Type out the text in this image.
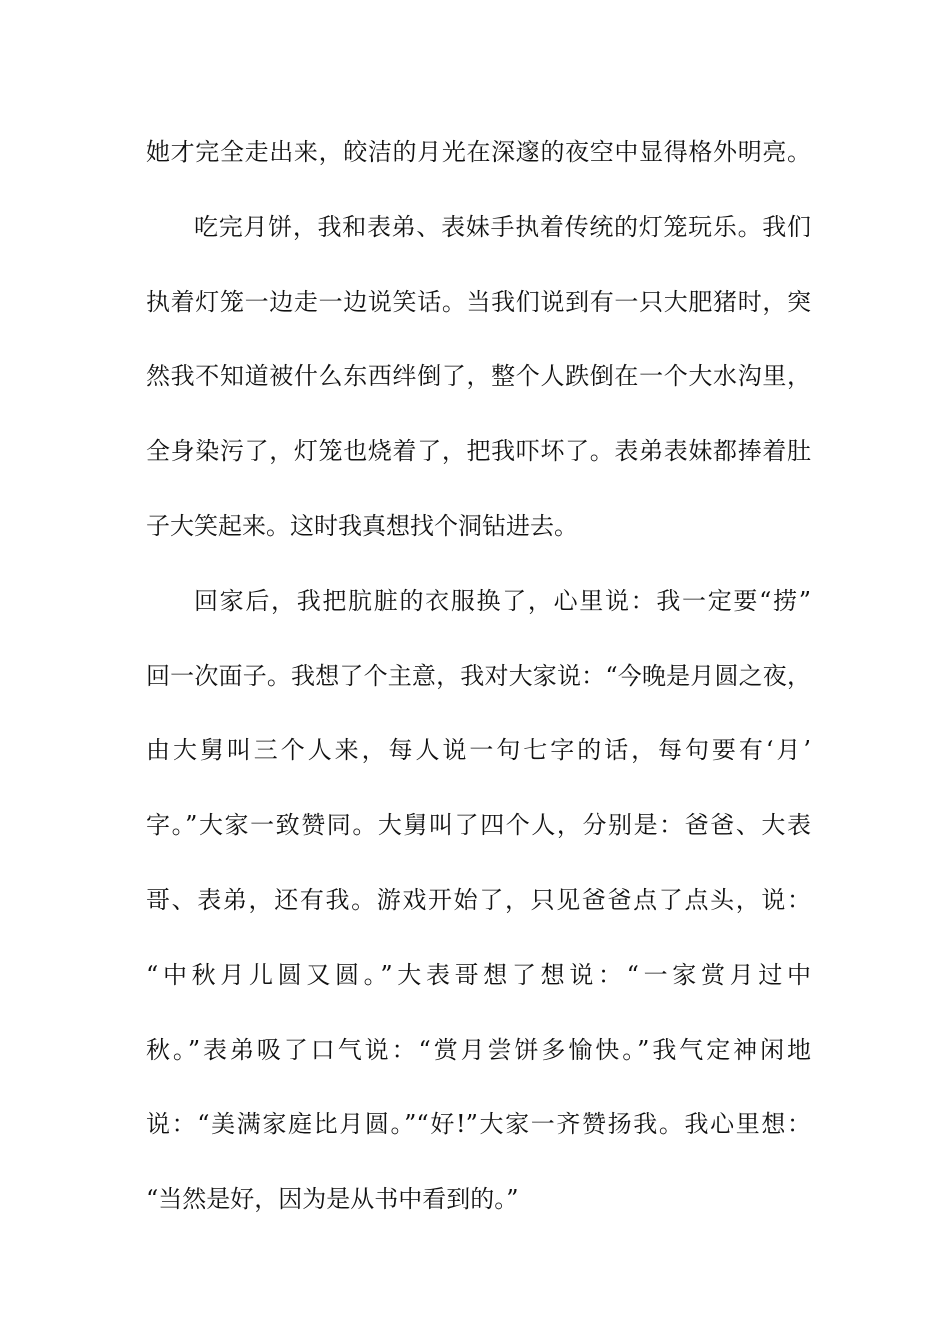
她才完全走出来，皎洁的月光在深邃的夜空中显得格外明亮。
吃完月饼，我和表弟、表妹手执着传统的灯笼玩乐。我们
执着灯笼一边走一边说笑话。当我们说到有一只大肥猪时，突
然我不知道被什么东西绊倒了，整个人跌倒在一个大水沟里，
全身染污了，灯笼也烧着了，把我吓坏了。表弟表妹都捧着肚
子大笑起来。这时我真想找个洞钻进去。
回家后，我把肮脏的衣服换了，心里说：我一定要“捞”
回一次面子。我想了个主意，我对大家说：“今晚是月圆之夜，
由大舅叫三个人来，每人说一句七字的话，每句要有‘月’
字。”大家一致赞同。大舅叫了四个人，分别是：爸爸、大表
哥、表弟，还有我。游戏开始了，只见爸爸点了点头，说：
“中秋月儿圆又圆。”大表哥想了想说：“一家赏月过中
秋。”表弟吸了口气说：“赏月尝饼多愉快。”我气定神闲地
说：“美满家庭比月圆。”“好!”大家一齐赞扬我。我心里想：
“当然是好，因为是从书中看到的。”
